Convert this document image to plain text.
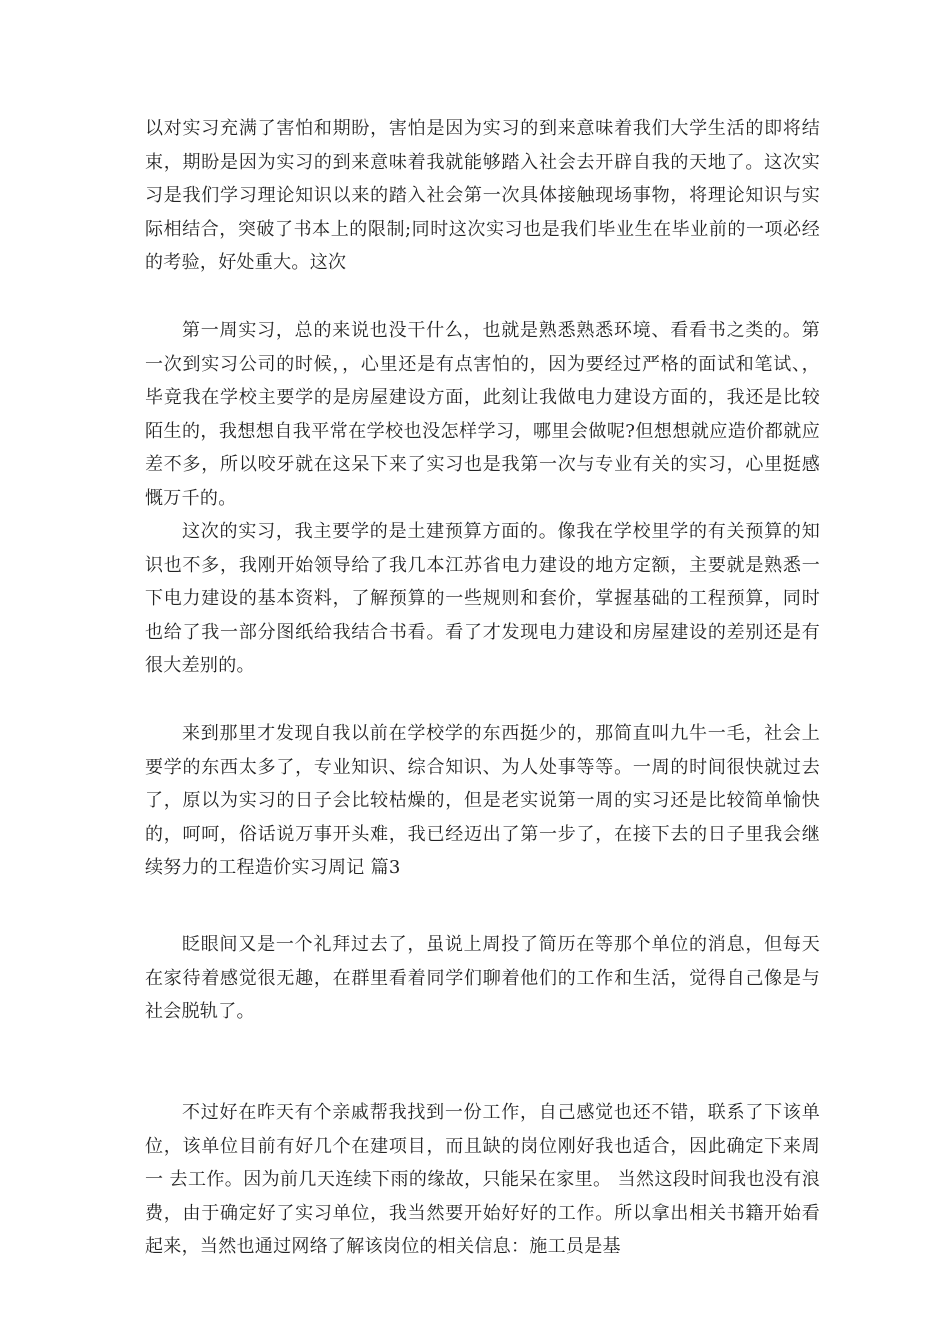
以对实习充满了害怕和期盼，害怕是因为实习的到来意味着我们大学生活的即将结束，期盼是因为实习的到来意味着我就能够踏入社会去开辟自我的天地了。这次实习是我们学习理论知识以来的踏入社会第一次具体接触现场事物，将理论知识与实际相结合，突破了书本上的限制;同时这次实习也是我们毕业生在毕业前的一项必经的考验，好处重大。这次

第一周实习，总的来说也没干什么，也就是熟悉熟悉环境、看看书之类的。第一次到实习公司的时候，，心里还是有点害怕的，因为要经过严格的面试和笔试、，毕竟我在学校主要学的是房屋建设方面，此刻让我做电力建设方面的，我还是比较陌生的，我想想自我平常在学校也没怎样学习，哪里会做呢?但想想就应造价都就应差不多，所以咬牙就在这呆下来了实习也是我第一次与专业有关的实习，心里挺感慨万千的。

这次的实习，我主要学的是土建预算方面的。像我在学校里学的有关预算的知识也不多，我刚开始领导给了我几本江苏省电力建设的地方定额，主要就是熟悉一下电力建设的基本资料，了解预算的一些规则和套价，掌握基础的工程预算，同时也给了我一部分图纸给我结合书看。看了才发现电力建设和房屋建设的差别还是有很大差别的。

来到那里才发现自我以前在学校学的东西挺少的，那简直叫九牛一毛，社会上要学的东西太多了，专业知识、综合知识、为人处事等等。一周的时间很快就过去了，原以为实习的日子会比较枯燥的，但是老实说第一周的实习还是比较简单愉快的，呵呵，俗话说万事开头难，我已经迈出了第一步了，在接下去的日子里我会继续努力的工程造价实习周记 篇3

眨眼间又是一个礼拜过去了，虽说上周投了简历在等那个单位的消息，但每天在家待着感觉很无趣，在群里看着同学们聊着他们的工作和生活，觉得自己像是与社会脱轨了。

不过好在昨天有个亲戚帮我找到一份工作，自己感觉也还不错，联系了下该单位，该单位目前有好几个在建项目，而且缺的岗位刚好我也适合，因此确定下来周一 去工作。因为前几天连续下雨的缘故，只能呆在家里。 当然这段时间我也没有浪费，由于确定好了实习单位，我当然要开始好好的工作。所以拿出相关书籍开始看起来，当然也通过网络了解该岗位的相关信息：施工员是基
